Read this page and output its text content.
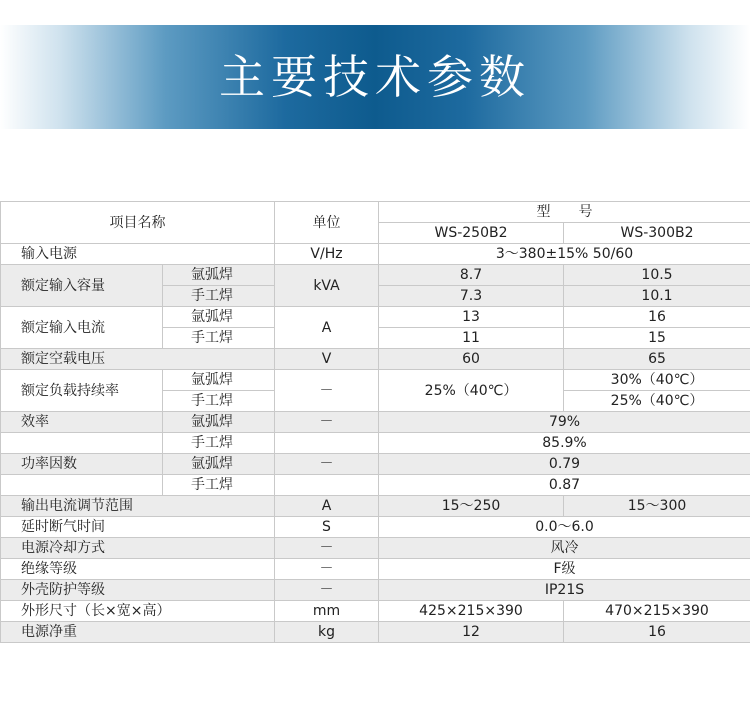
主要技术参数
项目名称		单位	型　　号	
			WS-250B2	WS-300B2
输入电源		V/Hz	3～380±15% 50/60	
额定输入容量	氩弧焊	kVA	8.7	10.5
	手工焊		7.3	10.1
额定输入电流	氩弧焊	A	13	16
	手工焊		11	15
额定空载电压		V	60	65
额定负载持续率	氩弧焊	－	25%（40℃）	30%（40℃）
	手工焊			25%（40℃）
效率	氩弧焊	－	79%	
	手工焊		85.9%	
功率因数	氩弧焊	－	0.79	
	手工焊		0.87	
输出电流调节范围		A	15～250	15～300
延时断气时间		S	0.0～6.0	
电源冷却方式		－	风冷	
绝缘等级		－	F级	
外壳防护等级		－	IP21S	
外形尺寸（长×宽×高）		mm	425×215×390	470×215×390
电源净重		kg	12	16
